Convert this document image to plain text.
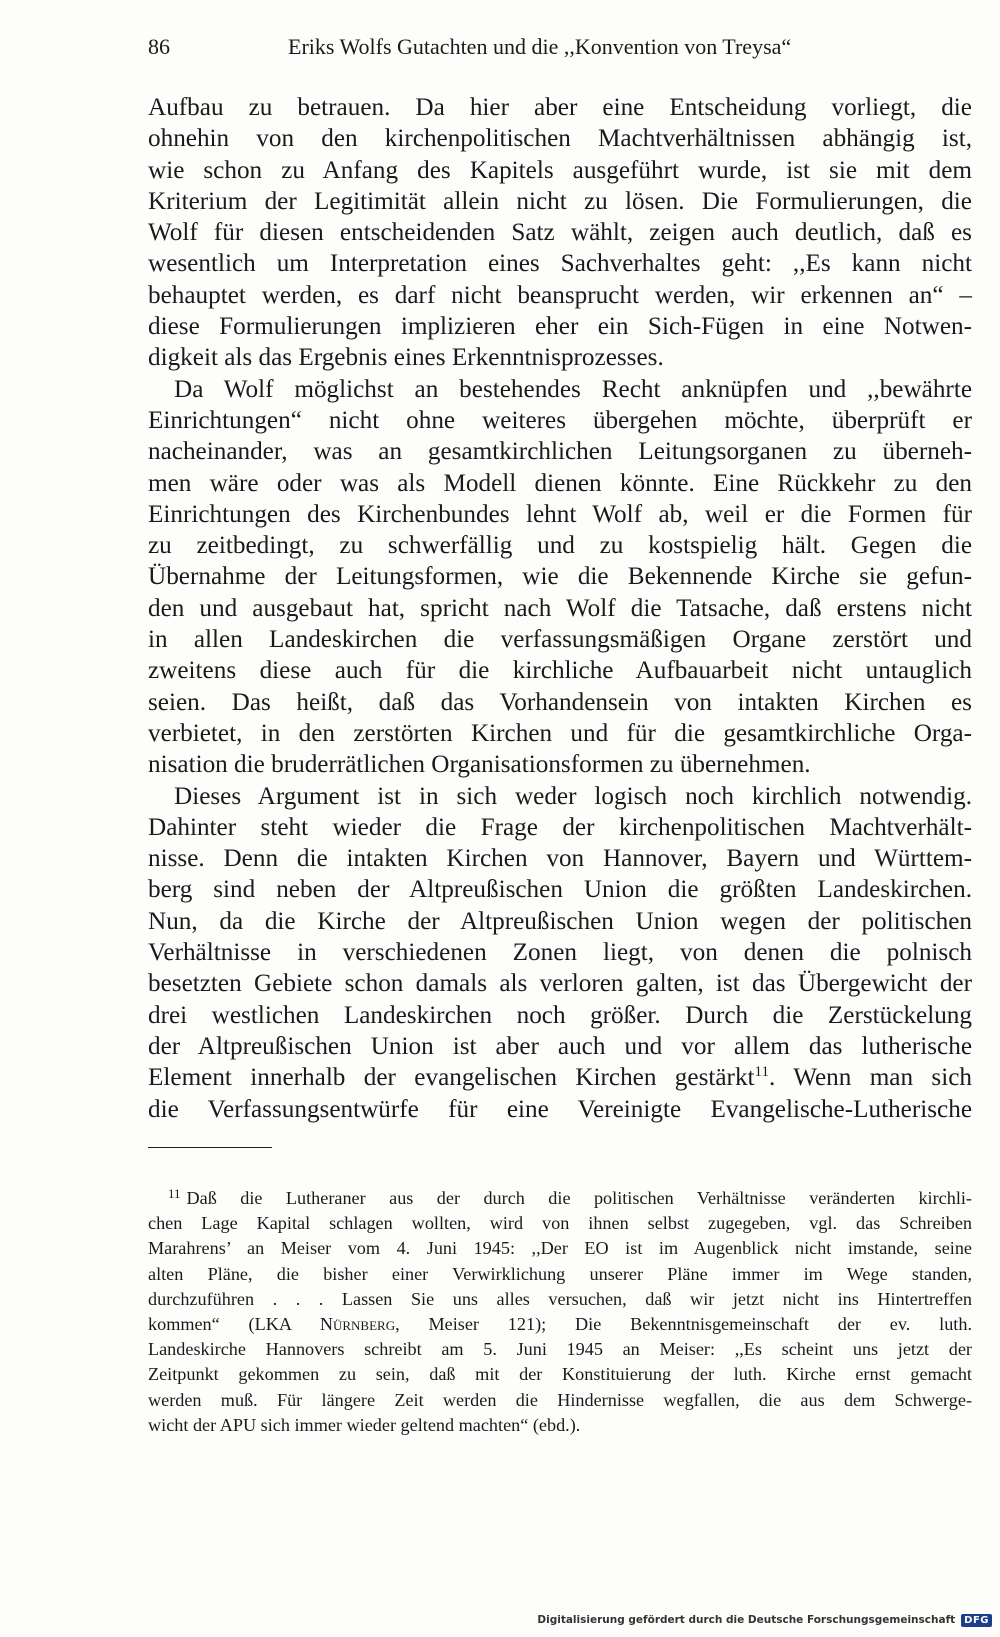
86	Eriks Wolfs Gutachten und die ,,Konvention von Treysa“
Aufbau zu betrauen. Da hier aber eine Entscheidung vorliegt, die
ohnehin von den kirchenpolitischen Machtverhältnissen abhängig ist,
wie schon zu Anfang des Kapitels ausgeführt wurde, ist sie mit dem
Kriterium der Legitimität allein nicht zu lösen. Die Formulierungen, die
Wolf für diesen entscheidenden Satz wählt, zeigen auch deutlich, daß es
wesentlich um Interpretation eines Sachverhaltes geht: ,,Es kann nicht
behauptet werden, es darf nicht beansprucht werden, wir erkennen an“ –
diese Formulierungen implizieren eher ein Sich-Fügen in eine Notwen-
digkeit als das Ergebnis eines Erkenntnisprozesses.
Da Wolf möglichst an bestehendes Recht anknüpfen und ,,bewährte
Einrichtungen“ nicht ohne weiteres übergehen möchte, überprüft er
nacheinander, was an gesamtkirchlichen Leitungsorganen zu überneh-
men wäre oder was als Modell dienen könnte. Eine Rückkehr zu den
Einrichtungen des Kirchenbundes lehnt Wolf ab, weil er die Formen für
zu zeitbedingt, zu schwerfällig und zu kostspielig hält. Gegen die
Übernahme der Leitungsformen, wie die Bekennende Kirche sie gefun-
den und ausgebaut hat, spricht nach Wolf die Tatsache, daß erstens nicht
in allen Landeskirchen die verfassungsmäßigen Organe zerstört und
zweitens diese auch für die kirchliche Aufbauarbeit nicht untauglich
seien. Das heißt, daß das Vorhandensein von intakten Kirchen es
verbietet, in den zerstörten Kirchen und für die gesamtkirchliche Orga-
nisation die bruderrätlichen Organisationsformen zu übernehmen.
Dieses Argument ist in sich weder logisch noch kirchlich notwendig.
Dahinter steht wieder die Frage der kirchenpolitischen Machtverhält-
nisse. Denn die intakten Kirchen von Hannover, Bayern und Württem-
berg sind neben der Altpreußischen Union die größten Landeskirchen.
Nun, da die Kirche der Altpreußischen Union wegen der politischen
Verhältnisse in verschiedenen Zonen liegt, von denen die polnisch
besetzten Gebiete schon damals als verloren galten, ist das Übergewicht der
drei westlichen Landeskirchen noch größer. Durch die Zerstückelung
der Altpreußischen Union ist aber auch und vor allem das lutherische
Element innerhalb der evangelischen Kirchen gestärkt$^{11}$. Wenn man sich
die Verfassungsentwürfe für eine Vereinigte Evangelische-Lutherische
$^{11}$ Daß die Lutheraner aus der durch die politischen Verhältnisse veränderten kirchli-
chen Lage Kapital schlagen wollten, wird von ihnen selbst zugegeben, vgl. das Schreiben
Marahrens’ an Meiser vom 4. Juni 1945: ,,Der EO ist im Augenblick nicht imstande, seine
alten Pläne, die bisher einer Verwirklichung unserer Pläne immer im Wege standen,
durchzuführen . . . Lassen Sie uns alles versuchen, daß wir jetzt nicht ins Hintertreffen
kommen“ (LKA Nürnberg, Meiser 121); Die Bekenntnisgemeinschaft der ev. luth.
Landeskirche Hannovers schreibt am 5. Juni 1945 an Meiser: ,,Es scheint uns jetzt der
Zeitpunkt gekommen zu sein, daß mit der Konstituierung der luth. Kirche ernst gemacht
werden muß. Für längere Zeit werden die Hindernisse wegfallen, die aus dem Schwerge-
wicht der APU sich immer wieder geltend machten“ (ebd.).
Digitalisierung gefördert durch die Deutsche Forschungsgemeinschaft DFG
